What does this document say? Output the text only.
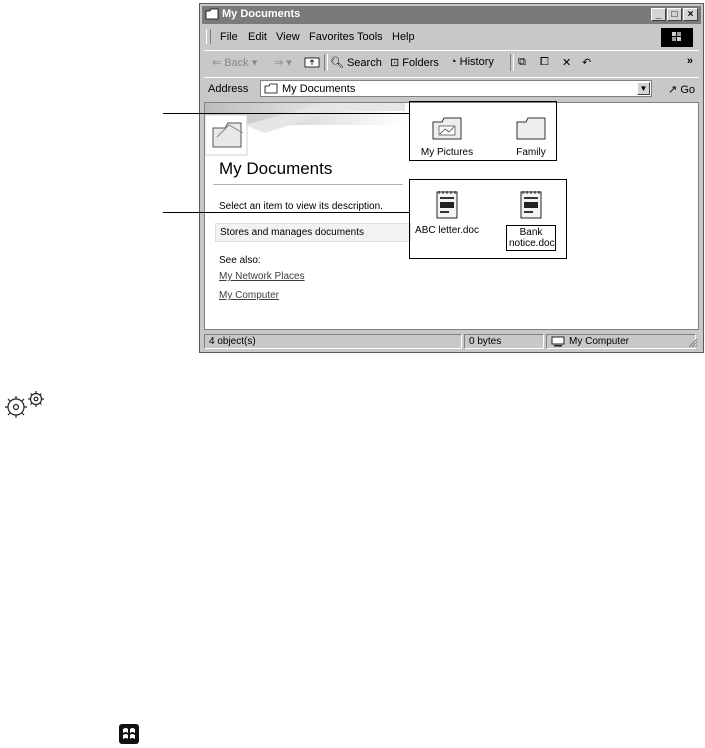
My Documents	_	□	×
File Edit View Favorites Tools Help
⇐ Back ▾ ⇒ ▾	🔍︎ Search ⊡ Folders ◔ History ⧉ ⧠ ✕ ↶	»
Address	My Documents	▼ ↗ Go
My Documents
Select an item to view its description.
Stores and manages documents
See also:
My Network Places
My Computer
My Pictures	Family
ABC letter.doc	Bank notice.doc
4 object(s)	0 bytes	My Computer
